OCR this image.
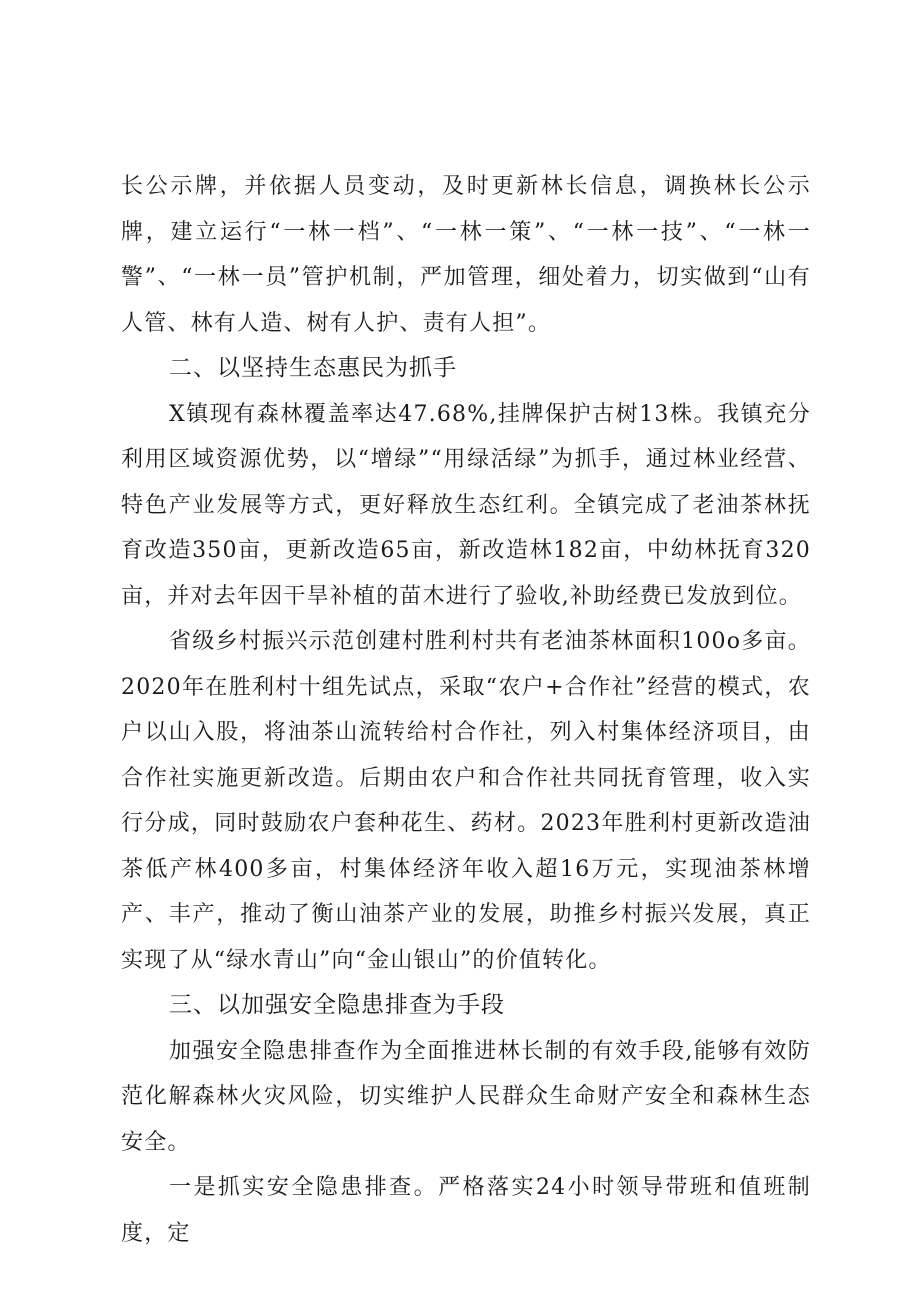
长公示牌，并依据人员变动，及时更新林长信息，调换林长公示牌，建立运行“一林一档”、“一林一策”、“一林一技”、“一林一警”、“一林一员”管护机制，严加管理，细处着力，切实做到“山有人管、林有人造、树有人护、责有人担”。

二、以坚持生态惠民为抓手

X镇现有森林覆盖率达47.68%,挂牌保护古树13株。我镇充分利用区域资源优势，以“增绿”“用绿活绿”为抓手，通过林业经营、特色产业发展等方式，更好释放生态红利。全镇完成了老油茶林抚育改造350亩，更新改造65亩，新改造林182亩，中幼林抚育320亩，并对去年因干旱补植的苗木进行了验收,补助经费已发放到位。

省级乡村振兴示范创建村胜利村共有老油茶林面积100o多亩。2020年在胜利村十组先试点，采取“农户+合作社”经营的模式，农户以山入股，将油茶山流转给村合作社，列入村集体经济项目，由合作社实施更新改造。后期由农户和合作社共同抚育管理，收入实行分成，同时鼓励农户套种花生、药材。2023年胜利村更新改造油茶低产林400多亩，村集体经济年收入超16万元，实现油茶林增产、丰产，推动了衡山油茶产业的发展，助推乡村振兴发展，真正实现了从“绿水青山”向“金山银山”的价值转化。

三、以加强安全隐患排查为手段

加强安全隐患排查作为全面推进林长制的有效手段,能够有效防范化解森林火灾风险，切实维护人民群众生命财产安全和森林生态安全。

一是抓实安全隐患排查。严格落实24小时领导带班和值班制度，定
